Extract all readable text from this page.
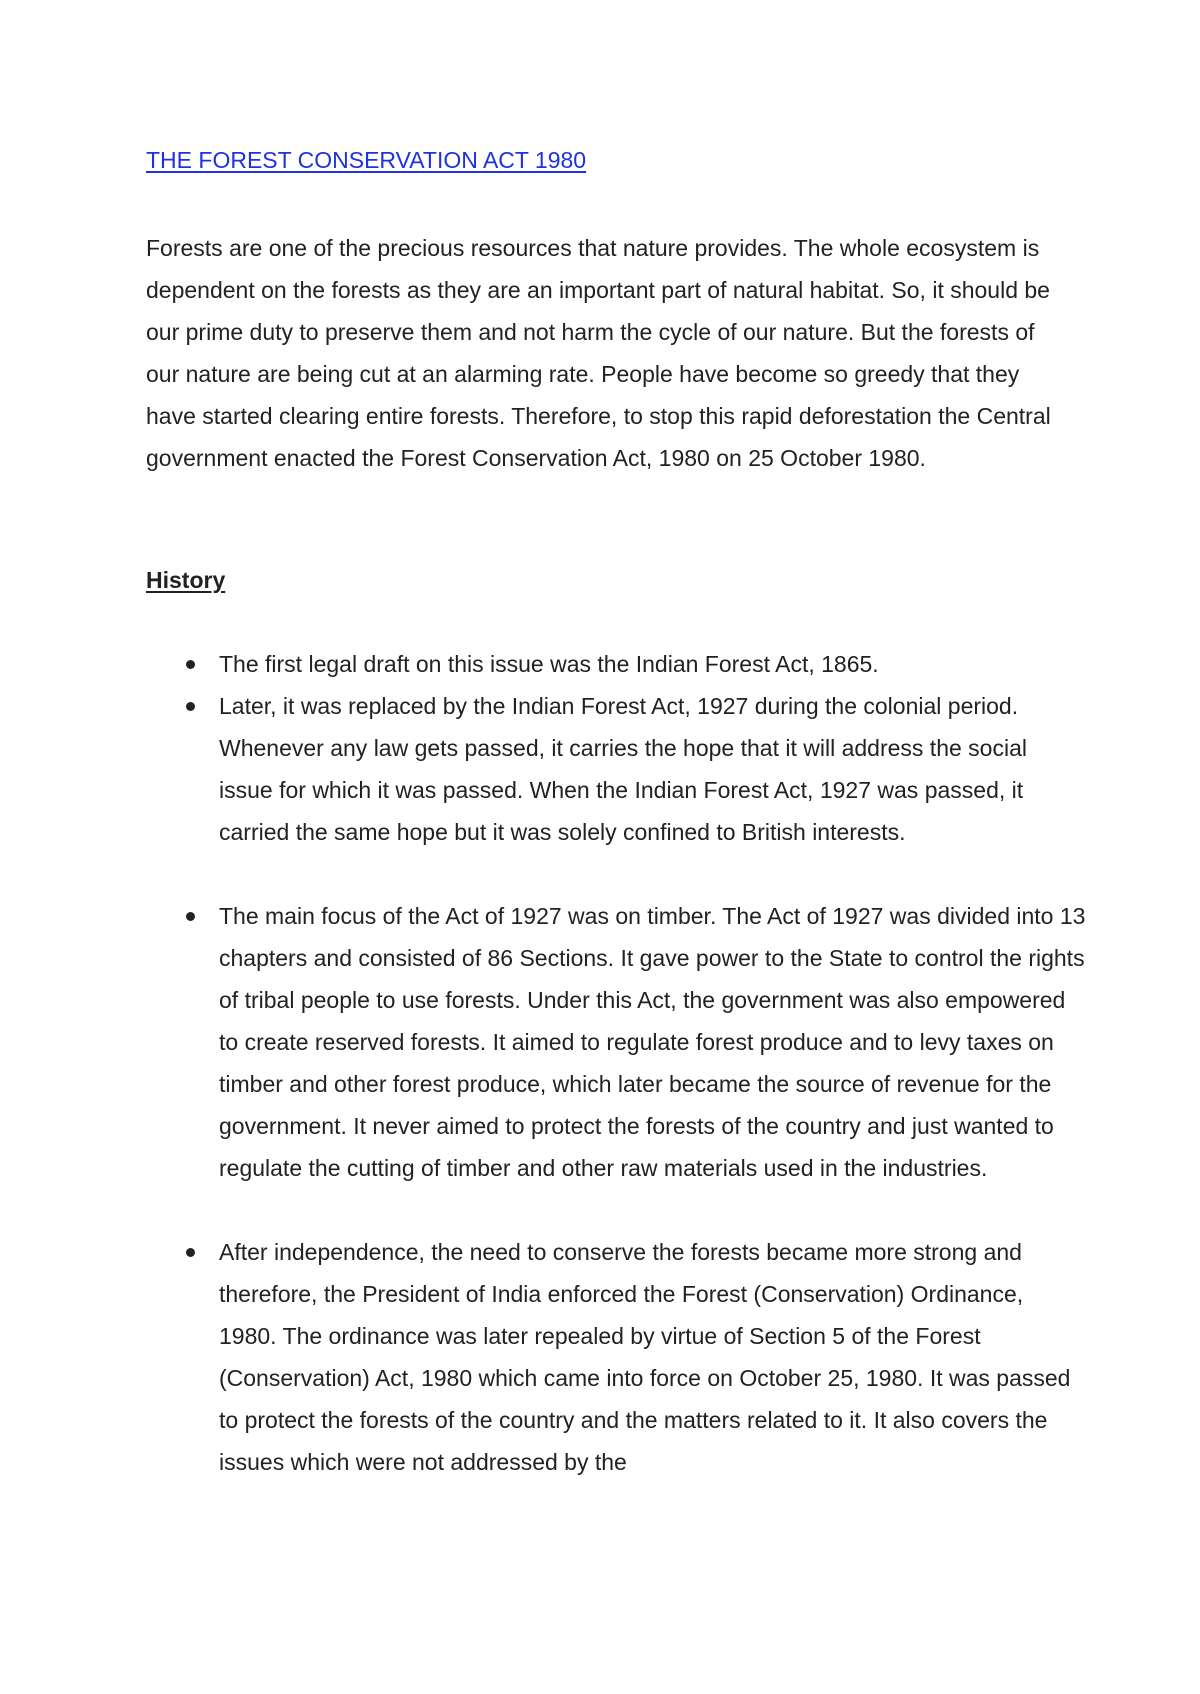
THE FOREST CONSERVATION ACT 1980

Forests are one of the precious resources that nature provides. The whole ecosystem is dependent on the forests as they are an important part of natural habitat. So, it should be our prime duty to preserve them and not harm the cycle of our nature. But the forests of our nature are being cut at an alarming rate. People have become so greedy that they have started clearing entire forests. Therefore, to stop this rapid deforestation the Central government enacted the Forest Conservation Act, 1980 on 25 October 1980.

History
The first legal draft on this issue was the Indian Forest Act, 1865.
Later, it was replaced by the Indian Forest Act, 1927 during the colonial period. Whenever any law gets passed, it carries the hope that it will address the social issue for which it was passed. When the Indian Forest Act, 1927 was passed, it carried the same hope but it was solely confined to British interests.
The main focus of the Act of 1927 was on timber. The Act of 1927 was divided into 13 chapters and consisted of 86 Sections. It gave power to the State to control the rights of tribal people to use forests. Under this Act, the government was also empowered to create reserved forests. It aimed to regulate forest produce and to levy taxes on timber and other forest produce, which later became the source of revenue for the government. It never aimed to protect the forests of the country and just wanted to regulate the cutting of timber and other raw materials used in the industries.
After independence, the need to conserve the forests became more strong and therefore, the President of India enforced the Forest (Conservation) Ordinance, 1980. The ordinance was later repealed by virtue of Section 5 of the Forest (Conservation) Act, 1980 which came into force on October 25, 1980. It was passed to protect the forests of the country and the matters related to it. It also covers the issues which were not addressed by the
